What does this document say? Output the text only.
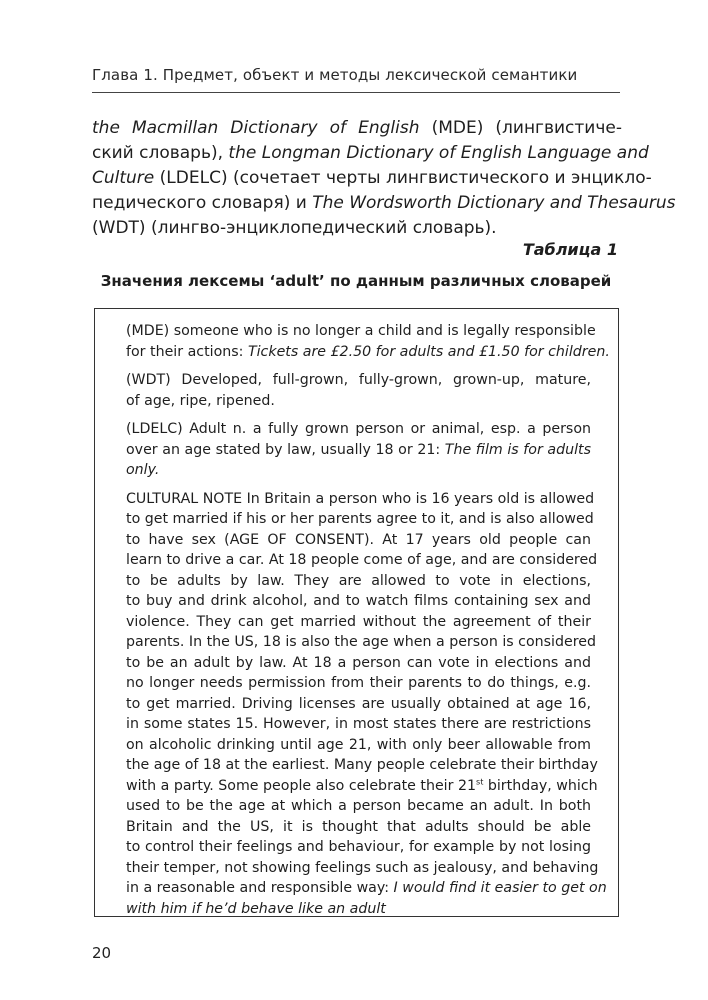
Глава 1. Предмет, объект и методы лексической семантики
the Macmillan Dictionary of English (MDE) (лингвистиче-
ский словарь), the Longman Dictionary of English Language and
Culture (LDELC) (сочетает черты лингвистического и энцикло-
педического словаря) и The Wordsworth Dictionary and Thesaurus
(WDT) (лингво-энциклопедический словарь).
Таблица 1
Значения лексемы ‘adult’ по данным различных словарей
(MDE) someone who is no longer a child and is legally responsible
for their actions: Tickets are £2.50 for adults and £1.50 for children.
(WDT) Developed, full-grown, fully-grown, grown-up, mature,
of age, ripe, ripened.
(LDELC) Adult n. a fully grown person or animal, esp. a person
over an age stated by law, usually 18 or 21: The film is for adults
only.
CULTURAL NOTE In Britain a person who is 16 years old is allowed
to get married if his or her parents agree to it, and is also allowed
to have sex (AGE OF CONSENT). At 17 years old people can
learn to drive a car. At 18 people come of age, and are considered
to be adults by law. They are allowed to vote in elections,
to buy and drink alcohol, and to watch films containing sex and
violence. They can get married without the agreement of their
parents. In the US, 18 is also the age when a person is considered
to be an adult by law. At 18 a person can vote in elections and
no longer needs permission from their parents to do things, e.g.
to get married. Driving licenses are usually obtained at age 16,
in some states 15. However, in most states there are restrictions
on alcoholic drinking until age 21, with only beer allowable from
the age of 18 at the earliest. Many people celebrate their birthday
with a party. Some people also celebrate their 21st birthday, which
used to be the age at which a person became an adult. In both
Britain and the US, it is thought that adults should be able
to control their feelings and behaviour, for example by not losing
their temper, not showing feelings such as jealousy, and behaving
in a reasonable and responsible way: I would find it easier to get on
with him if he’d behave like an adult
20
